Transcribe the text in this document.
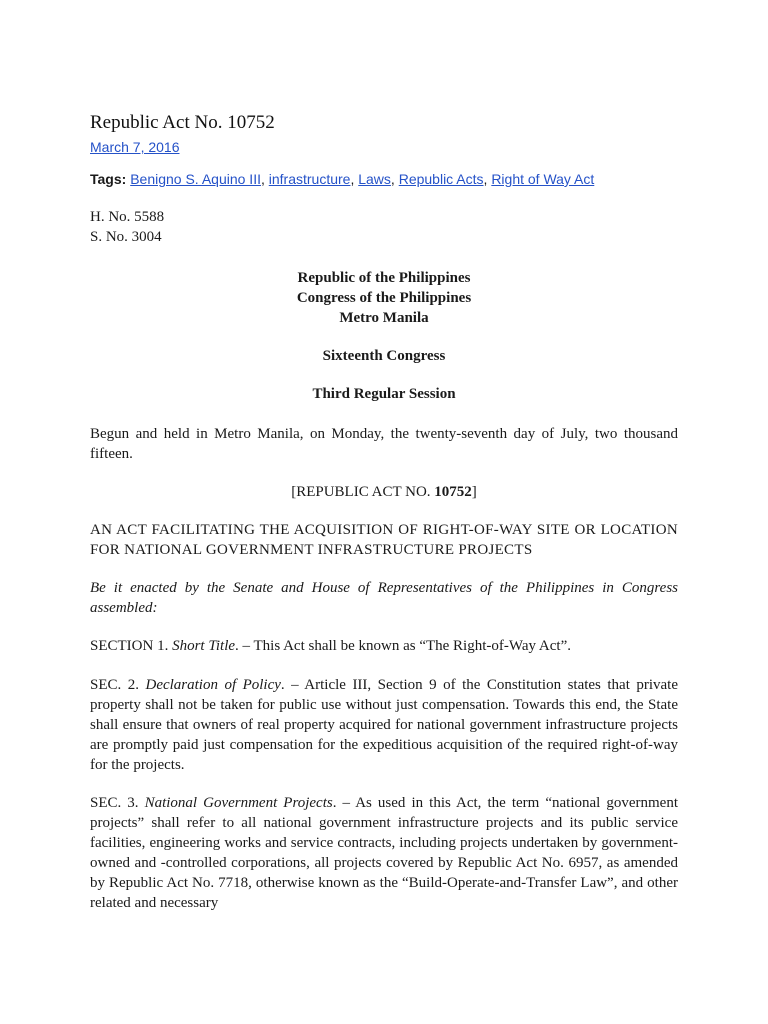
Republic Act No. 10752
March 7, 2016
Tags: Benigno S. Aquino III, infrastructure, Laws, Republic Acts, Right of Way Act
H. No. 5588
S. No. 3004
Republic of the Philippines
Congress of the Philippines
Metro Manila
Sixteenth Congress
Third Regular Session
Begun and held in Metro Manila, on Monday, the twenty-seventh day of July, two thousand fifteen.
[REPUBLIC ACT NO. 10752]
AN ACT FACILITATING THE ACQUISITION OF RIGHT-OF-WAY SITE OR LOCATION FOR NATIONAL GOVERNMENT INFRASTRUCTURE PROJECTS
Be it enacted by the Senate and House of Representatives of the Philippines in Congress assembled:
SECTION 1. Short Title. – This Act shall be known as “The Right-of-Way Act”.
SEC. 2. Declaration of Policy. – Article III, Section 9 of the Constitution states that private property shall not be taken for public use without just compensation. Towards this end, the State shall ensure that owners of real property acquired for national government infrastructure projects are promptly paid just compensation for the expeditious acquisition of the required right-of-way for the projects.
SEC. 3. National Government Projects. – As used in this Act, the term “national government projects” shall refer to all national government infrastructure projects and its public service facilities, engineering works and service contracts, including projects undertaken by government-owned and -controlled corporations, all projects covered by Republic Act No. 6957, as amended by Republic Act No. 7718, otherwise known as the “Build-Operate-and-Transfer Law”, and other related and necessary
